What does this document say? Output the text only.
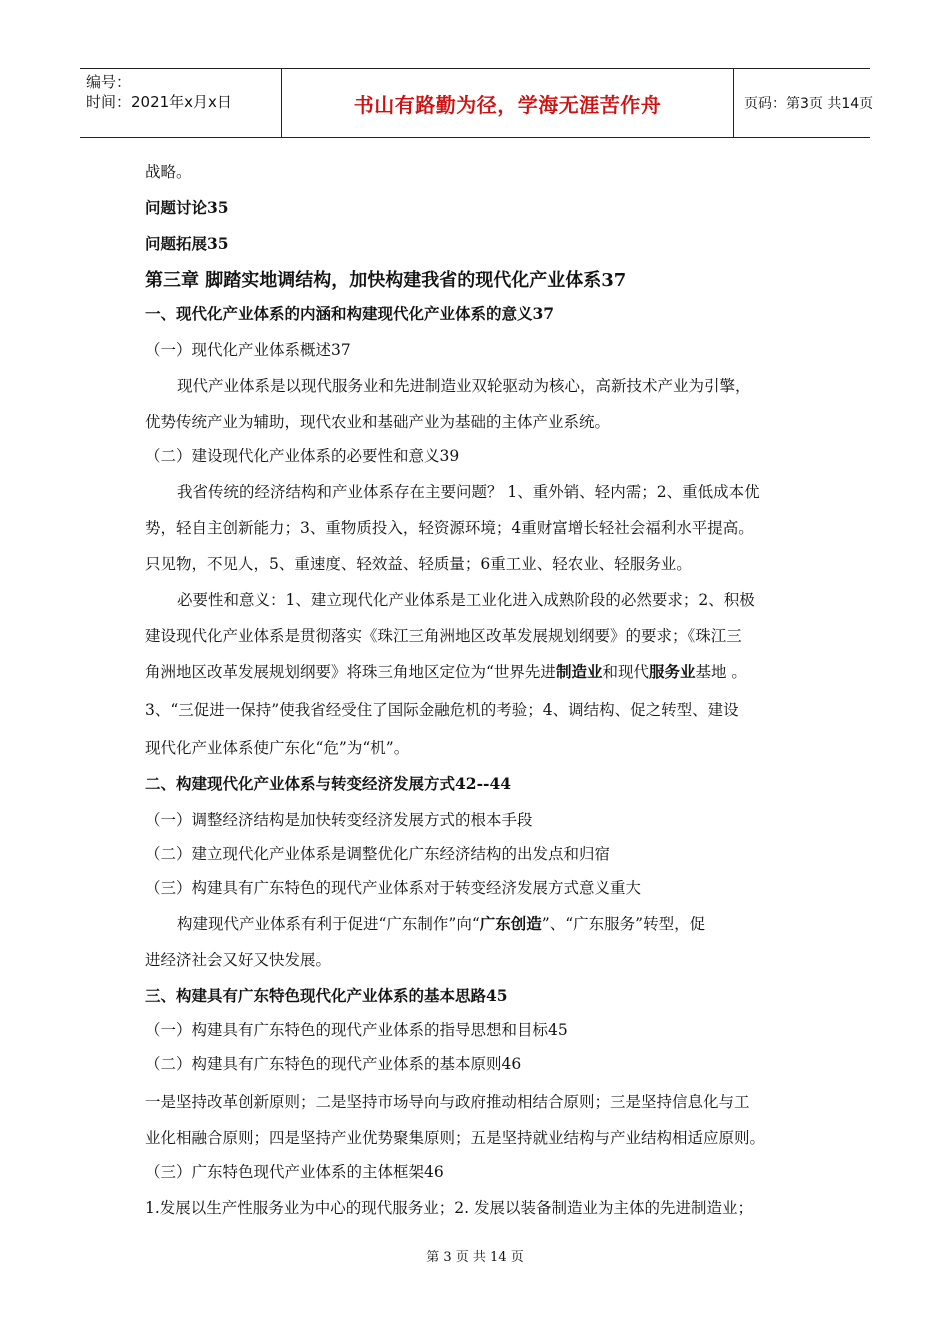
编号：
时间：2021年x月x日	书山有路勤为径，学海无涯苦作舟	页码：第3页 共14页
战略。
问题讨论35
问题拓展35
第三章 脚踏实地调结构，加快构建我省的现代化产业体系37
一、现代化产业体系的内涵和构建现代化产业体系的意义37
（一）现代化产业体系概述37
现代产业体系是以现代服务业和先进制造业双轮驱动为核心，高新技术产业为引擎，
优势传统产业为辅助，现代农业和基础产业为基础的主体产业系统。
（二）建设现代化产业体系的必要性和意义39
我省传统的经济结构和产业体系存在主要问题？ 1、重外销、轻内需；2、重低成本优
势，轻自主创新能力；3、重物质投入，轻资源环境；4重财富增长轻社会福利水平提高。
只见物，不见人，5、重速度、轻效益、轻质量；6重工业、轻农业、轻服务业。
必要性和意义：1、建立现代化产业体系是工业化进入成熟阶段的必然要求；2、积极
建设现代化产业体系是贯彻落实《珠江三角洲地区改革发展规划纲要》的要求；《珠江三
角洲地区改革发展规划纲要》将珠三角地区定位为“世界先进制造业和现代服务业基地 。
3、“三促进一保持”使我省经受住了国际金融危机的考验；4、调结构、促之转型、建设
现代化产业体系使广东化“危”为“机”。
二、构建现代化产业体系与转变经济发展方式42--44
（一）调整经济结构是加快转变经济发展方式的根本手段
（二）建立现代化产业体系是调整优化广东经济结构的出发点和归宿
（三）构建具有广东特色的现代产业体系对于转变经济发展方式意义重大
构建现代产业体系有利于促进“广东制作”向“广东创造”、“广东服务”转型，促
进经济社会又好又快发展。
三、构建具有广东特色现代化产业体系的基本思路45
（一）构建具有广东特色的现代产业体系的指导思想和目标45
（二）构建具有广东特色的现代产业体系的基本原则46
一是坚持改革创新原则；二是坚持市场导向与政府推动相结合原则；三是坚持信息化与工
业化相融合原则；四是坚持产业优势聚集原则；五是坚持就业结构与产业结构相适应原则。
（三）广东特色现代产业体系的主体框架46
1.发展以生产性服务业为中心的现代服务业；2. 发展以装备制造业为主体的先进制造业；
第 3 页 共 14 页
